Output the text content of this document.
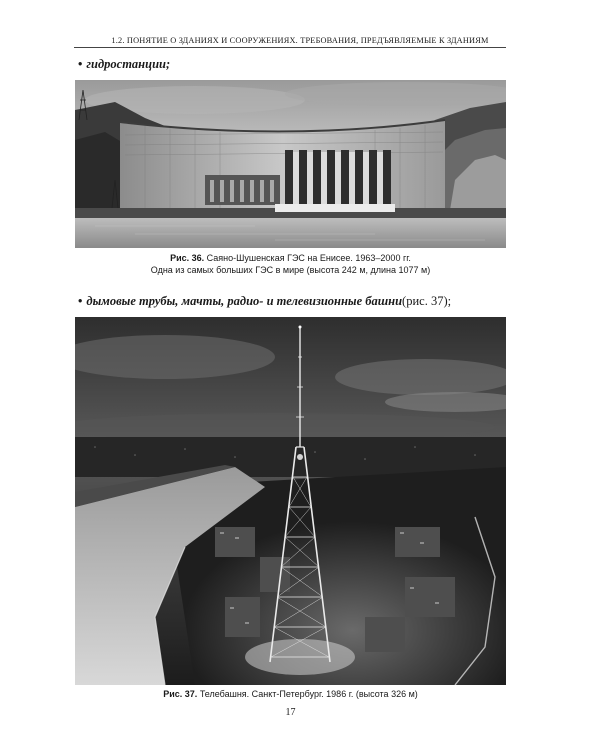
1.2. ПОНЯТИЕ О ЗДАНИЯХ И СООРУЖЕНИЯХ. ТРЕБОВАНИЯ, ПРЕДЪЯВЛЯЕМЫЕ К ЗДАНИЯМ
• гидростанции;
Рис. 36. Саяно-Шушенская ГЭС на Енисее. 1963–2000 гг.
Одна из самых больших ГЭС в мире (высота 242 м, длина 1077 м)
• дымовые трубы, мачты, радио- и телевизионные башни(рис. 37);
Рис. 37. Телебашня. Санкт-Петербург. 1986 г. (высота 326 м)
17
